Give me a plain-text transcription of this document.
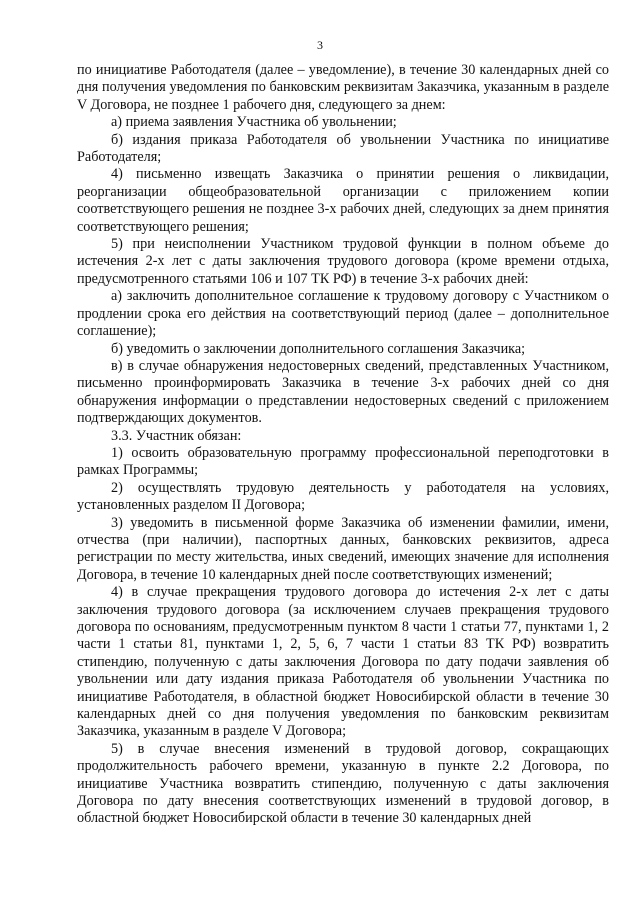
3

по инициативе Работодателя (далее – уведомление), в течение 30 календарных дней со дня получения уведомления по банковским реквизитам Заказчика, указанным в разделе V Договора, не позднее 1 рабочего дня, следующего за днем:

а) приема заявления Участника об увольнении;

б) издания приказа Работодателя об увольнении Участника по инициативе Работодателя;

4) письменно извещать Заказчика о принятии решения о ликвидации, реорганизации общеобразовательной организации с приложением копии соответствующего решения не позднее 3-х рабочих дней, следующих за днем принятия соответствующего решения;

5) при неисполнении Участником трудовой функции в полном объеме до истечения 2-х лет с даты заключения трудового договора (кроме времени отдыха, предусмотренного статьями 106 и 107 ТК РФ) в течение 3-х рабочих дней:

а) заключить дополнительное соглашение к трудовому договору с Участником о продлении срока его действия на соответствующий период (далее – дополнительное соглашение);

б) уведомить о заключении дополнительного соглашения Заказчика;

в) в случае обнаружения недостоверных сведений, представленных Участником, письменно проинформировать Заказчика в течение 3-х рабочих дней со дня обнаружения информации о представлении недостоверных сведений с приложением подтверждающих документов.

3.3. Участник обязан:

1) освоить образовательную программу профессиональной переподготовки в рамках Программы;

2) осуществлять трудовую деятельность у работодателя на условиях, установленных разделом II Договора;

3) уведомить в письменной форме Заказчика об изменении фамилии, имени, отчества (при наличии), паспортных данных, банковских реквизитов, адреса регистрации по месту жительства, иных сведений, имеющих значение для исполнения Договора, в течение 10 календарных дней после соответствующих изменений;

4) в случае прекращения трудового договора до истечения 2-х лет с даты заключения трудового договора (за исключением случаев прекращения трудового договора по основаниям, предусмотренным пунктом 8 части 1 статьи 77, пунктами 1, 2 части 1 статьи 81, пунктами 1, 2, 5, 6, 7 части 1 статьи 83 ТК РФ) возвратить стипендию, полученную с даты заключения Договора по дату подачи заявления об увольнении или дату издания приказа Работодателя об увольнении Участника по инициативе Работодателя, в областной бюджет Новосибирской области в течение 30 календарных дней со дня получения уведомления по банковским реквизитам Заказчика, указанным в разделе V Договора;

5) в случае внесения изменений в трудовой договор, сокращающих продолжительность рабочего времени, указанную в пункте 2.2 Договора, по инициативе Участника возвратить стипендию, полученную с даты заключения Договора по дату внесения соответствующих изменений в трудовой договор, в областной бюджет Новосибирской области в течение 30 календарных дней
